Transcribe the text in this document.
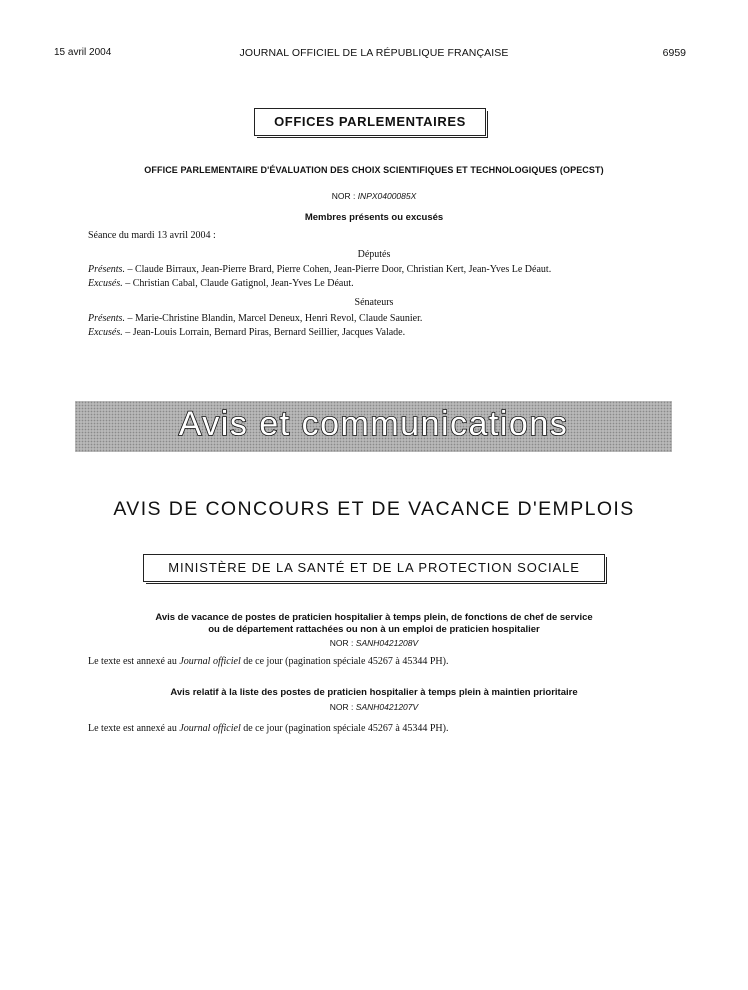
15 avril 2004	JOURNAL OFFICIEL DE LA RÉPUBLIQUE FRANÇAISE	6959
OFFICES PARLEMENTAIRES
OFFICE PARLEMENTAIRE D'ÉVALUATION DES CHOIX SCIENTIFIQUES ET TECHNOLOGIQUES (OPECST)
NOR : INPX0400085X
Membres présents ou excusés
Séance du mardi 13 avril 2004 :
Députés
Présents. – Claude Birraux, Jean-Pierre Brard, Pierre Cohen, Jean-Pierre Door, Christian Kert, Jean-Yves Le Déaut.
Excusés. – Christian Cabal, Claude Gatignol, Jean-Yves Le Déaut.
Sénateurs
Présents. – Marie-Christine Blandin, Marcel Deneux, Henri Revol, Claude Saunier.
Excusés. – Jean-Louis Lorrain, Bernard Piras, Bernard Seillier, Jacques Valade.
Avis et communications
AVIS DE CONCOURS ET DE VACANCE D'EMPLOIS
MINISTÈRE DE LA SANTÉ ET DE LA PROTECTION SOCIALE
Avis de vacance de postes de praticien hospitalier à temps plein, de fonctions de chef de service
ou de département rattachées ou non à un emploi de praticien hospitalier
NOR : SANH0421208V
Le texte est annexé au Journal officiel de ce jour (pagination spéciale 45267 à 45344 PH).
Avis relatif à la liste des postes de praticien hospitalier à temps plein à maintien prioritaire
NOR : SANH0421207V
Le texte est annexé au Journal officiel de ce jour (pagination spéciale 45267 à 45344 PH).
